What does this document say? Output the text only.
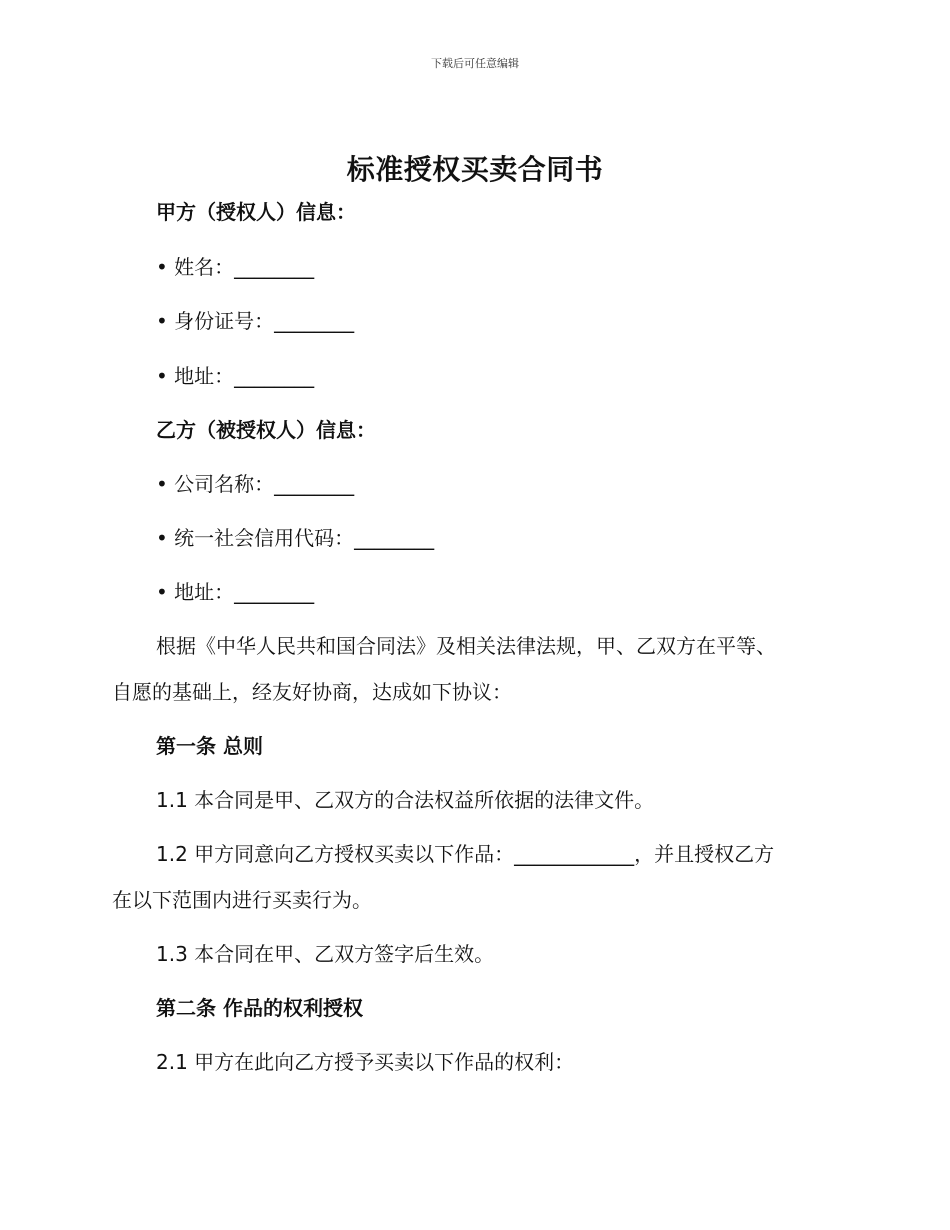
下载后可任意编辑
标准授权买卖合同书
甲方（授权人）信息：
• 姓名：________
• 身份证号：________
• 地址：________
乙方（被授权人）信息：
• 公司名称：________
• 统一社会信用代码：________
• 地址：________
根据《中华人民共和国合同法》及相关法律法规，甲、乙双方在平等、
自愿的基础上，经友好协商，达成如下协议：
第一条 总则
1.1 本合同是甲、乙双方的合法权益所依据的法律文件。
1.2 甲方同意向乙方授权买卖以下作品：____________，并且授权乙方
在以下范围内进行买卖行为。
1.3 本合同在甲、乙双方签字后生效。
第二条 作品的权利授权
2.1 甲方在此向乙方授予买卖以下作品的权利：
